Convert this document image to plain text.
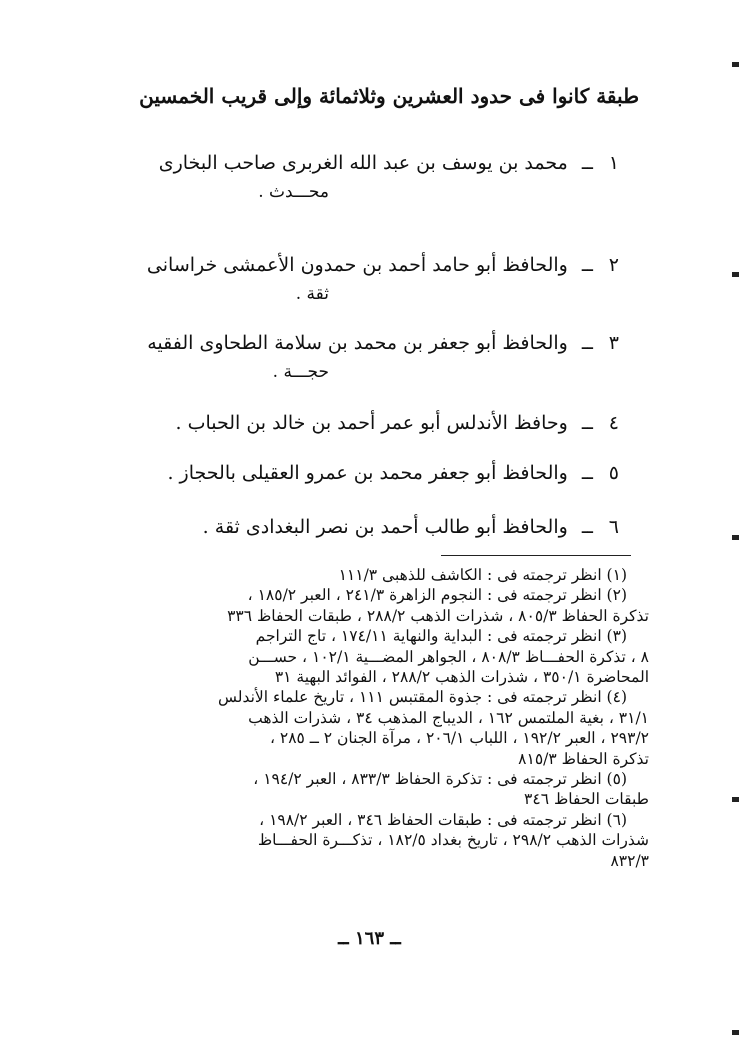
طبقة كانوا فى حدود العشرين وثلاثمائة وإلى قريب الخمسين
١ــ محمد بن يوسف بن عبد الله الغربرى صاحب البخارى
محـــدث .
٢ــ والحافظ أبو حامد أحمد بن حمدون الأعمشى خراسانى
ثقة .
٣ــ والحافظ أبو جعفر بن محمد بن سلامة الطحاوى الفقيه
حجـــة .
٤ــ وحافظ الأندلس أبو عمر أحمد بن خالد بن الحباب .
٥ــ والحافظ أبو جعفر محمد بن عمرو العقيلى بالحجاز .
٦ــ والحافظ أبو طالب أحمد بن نصر البغدادى ثقة .
(١) انظر ترجمته فى : الكاشف للذهبى ١١١/٣
(٢) انظر ترجمته فى : النجوم الزاهرة ٢٤١/٣ ، العبر ١٨٥/٢ ،
تذكرة الحفاظ ٨٠٥/٣ ، شذرات الذهب ٢٨٨/٢ ، طبقات الحفاظ ٣٣٦
(٣) انظر ترجمته فى : البداية والنهاية ١٧٤/١١ ، تاج التراجم
٨ ، تذكرة الحفـــاظ ٨٠٨/٣ ، الجواهر المضـــية ١٠٢/١ ، حســـن
المحاضرة ٣٥٠/١ ، شذرات الذهب ٢٨٨/٢ ، الفوائد البهية ٣١
(٤) انظر ترجمته فى : جذوة المقتبس ١١١ ، تاريخ علماء الأندلس
٣١/١ ، بغية الملتمس ١٦٢ ، الديباج المذهب ٣٤ ، شذرات الذهب
٢٩٣/٢ ، العبر ١٩٢/٢ ، اللباب ٢٠٦/١ ، مرآة الجنان ٢ ــ ٢٨٥ ،
تذكرة الحفاظ ٨١٥/٣
(٥) انظر ترجمته فى : تذكرة الحفاظ ٨٣٣/٣ ، العبر ١٩٤/٢ ،
طبقات الحفاظ ٣٤٦
(٦) انظر ترجمته فى : طبقات الحفاظ ٣٤٦ ، العبر ١٩٨/٢ ،
شذرات الذهب ٢٩٨/٢ ، تاريخ بغداد ١٨٢/٥ ، تذكـــرة الحفـــاظ
٨٣٢/٣
ــ ١٦٣ ــ
